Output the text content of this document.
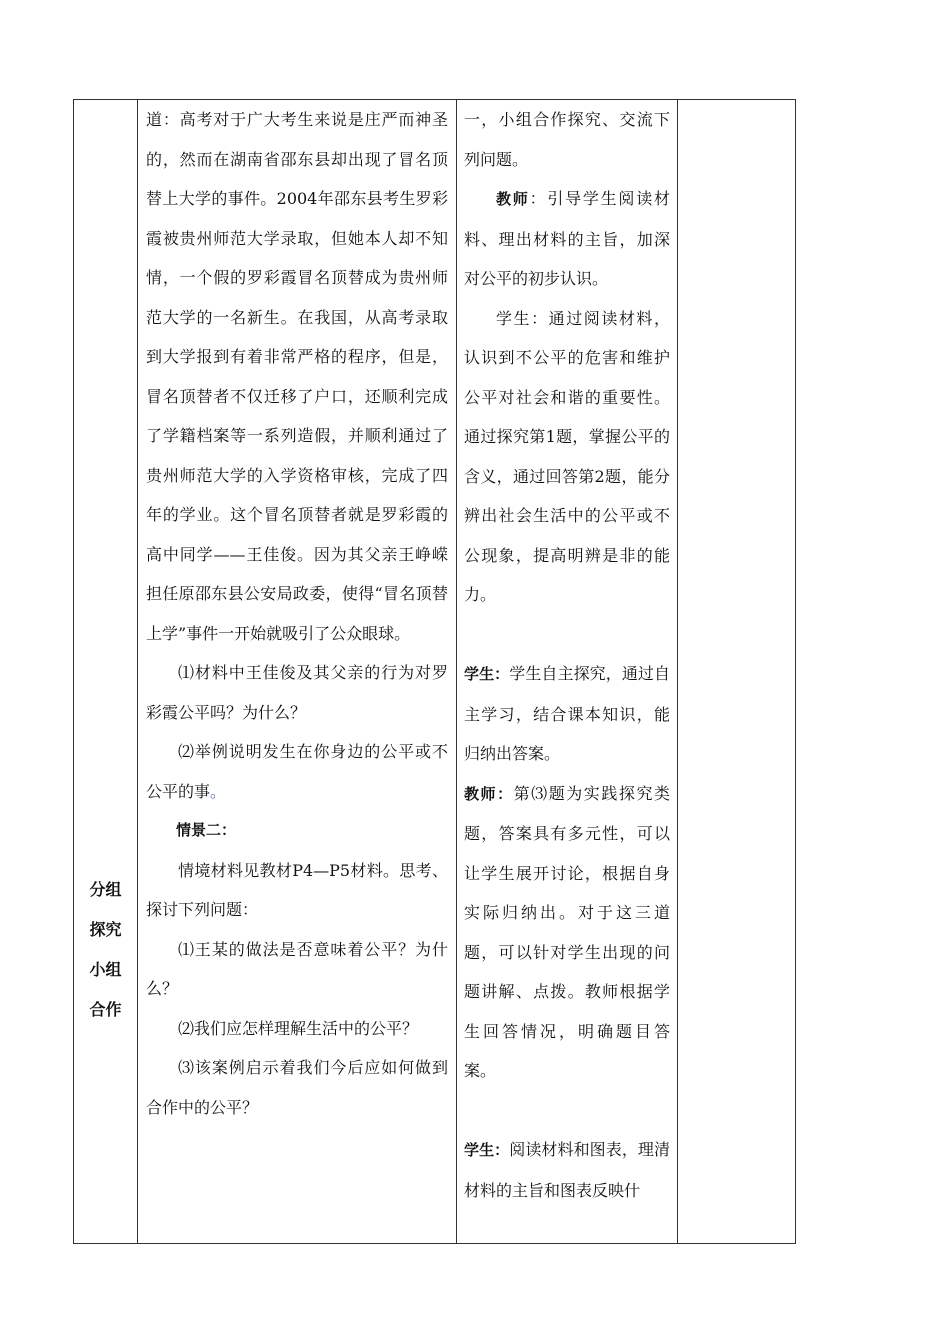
分组
探究
小组
合作

道：高考对于广大考生来说是庄严而神圣的，然而在湖南省邵东县却出现了冒名顶替上大学的事件。2004年邵东县考生罗彩霞被贵州师范大学录取，但她本人却不知情，一个假的罗彩霞冒名顶替成为贵州师范大学的一名新生。在我国，从高考录取到大学报到有着非常严格的程序，但是，冒名顶替者不仅迁移了户口，还顺利完成了学籍档案等一系列造假，并顺利通过了贵州师范大学的入学资格审核，完成了四年的学业。这个冒名顶替者就是罗彩霞的高中同学——王佳俊。因为其父亲王峥嵘担任原邵东县公安局政委，使得“冒名顶替上学”事件一开始就吸引了公众眼球。

⑴材料中王佳俊及其父亲的行为对罗彩霞公平吗？为什么？

⑵举例说明发生在你身边的公平或不公平的事。

情景二：

情境材料见教材P4—P5材料。思考、探讨下列问题：

⑴王某的做法是否意味着公平？为什么？

⑵我们应怎样理解生活中的公平？

⑶该案例启示着我们今后应如何做到合作中的公平？

一，小组合作探究、交流下列问题。

教师：引导学生阅读材料、理出材料的主旨，加深对公平的初步认识。

学生：通过阅读材料，认识到不公平的危害和维护公平对社会和谐的重要性。通过探究第1题，掌握公平的含义，通过回答第2题，能分辨出社会生活中的公平或不公现象，提高明辨是非的能力。

学生：学生自主探究，通过自主学习，结合课本知识，能归纳出答案。

教师：第⑶题为实践探究类题，答案具有多元性，可以让学生展开讨论，根据自身实际归纳出。对于这三道题，可以针对学生出现的问题讲解、点拨。教师根据学生回答情况，明确题目答案。

学生：阅读材料和图表，理清材料的主旨和图表反映什
